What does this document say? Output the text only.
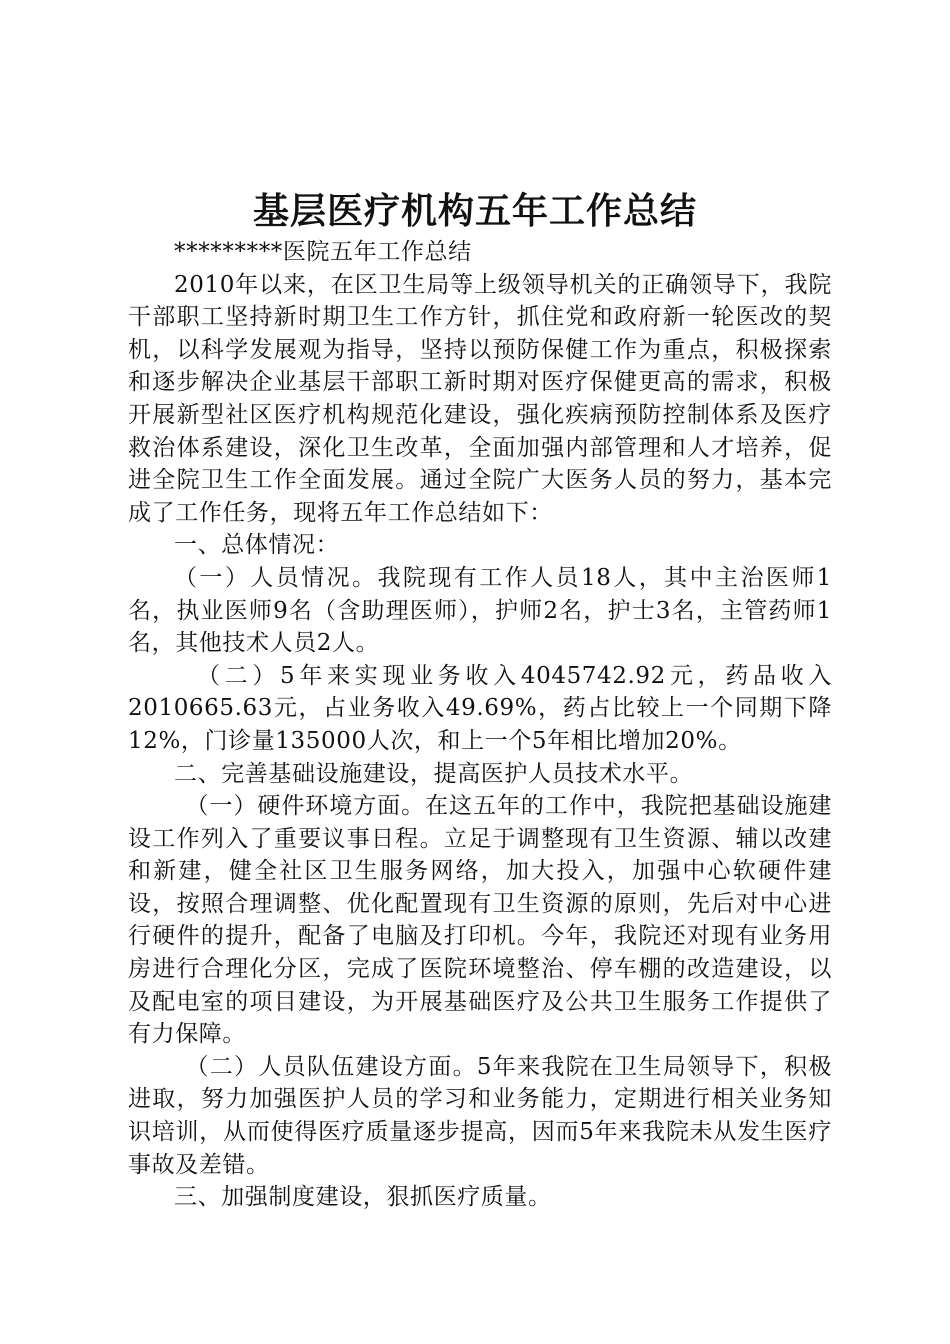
基层医疗机构五年工作总结

*********医院五年工作总结

2010年以来，在区卫生局等上级领导机关的正确领导下，我院干部职工坚持新时期卫生工作方针，抓住党和政府新一轮医改的契机，以科学发展观为指导，坚持以预防保健工作为重点，积极探索和逐步解决企业基层干部职工新时期对医疗保健更高的需求，积极开展新型社区医疗机构规范化建设，强化疾病预防控制体系及医疗救治体系建设，深化卫生改革，全面加强内部管理和人才培养，促进全院卫生工作全面发展。通过全院广大医务人员的努力，基本完成了工作任务，现将五年工作总结如下：

一、总体情况：

（一）人员情况。我院现有工作人员18人，其中主治医师1名，执业医师9名（含助理医师），护师2名，护士3名，主管药师1名，其他技术人员2人。

（二）5年来实现业务收入4045742.92元，药品收入2010665.63元，占业务收入49.69%，药占比较上一个同期下降12%，门诊量135000人次，和上一个5年相比增加20%。

二、完善基础设施建设，提高医护人员技术水平。

（一）硬件环境方面。在这五年的工作中，我院把基础设施建设工作列入了重要议事日程。立足于调整现有卫生资源、辅以改建和新建，健全社区卫生服务网络，加大投入，加强中心软硬件建设，按照合理调整、优化配置现有卫生资源的原则，先后对中心进行硬件的提升，配备了电脑及打印机。今年，我院还对现有业务用房进行合理化分区，完成了医院环境整治、停车棚的改造建设，以及配电室的项目建设，为开展基础医疗及公共卫生服务工作提供了有力保障。

（二）人员队伍建设方面。5年来我院在卫生局领导下，积极进取，努力加强医护人员的学习和业务能力，定期进行相关业务知识培训，从而使得医疗质量逐步提高，因而5年来我院未从发生医疗事故及差错。

三、加强制度建设，狠抓医疗质量。
